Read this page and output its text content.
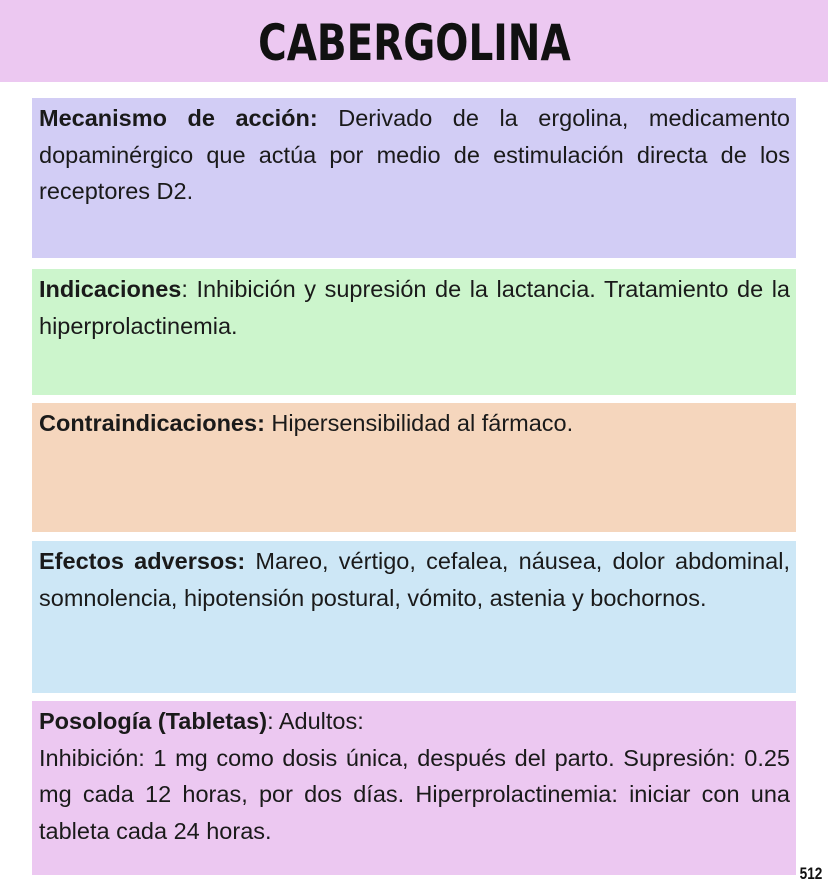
CABERGOLINA
Mecanismo de acción: Derivado de la ergolina, medicamento dopaminérgico que actúa por medio de estimulación directa de los receptores D2.
Indicaciones: Inhibición y supresión de la lactancia. Tratamiento de la hiperprolactinemia.
Contraindicaciones: Hipersensibilidad al fármaco.
Efectos adversos: Mareo, vértigo, cefalea, náusea, dolor abdominal, somnolencia, hipotensión postural, vómito, astenia y bochornos.
Posología (Tabletas): Adultos:
Inhibición: 1 mg como dosis única, después del parto. Supresión: 0.25 mg cada 12 horas, por dos días. Hiperprolactinemia: iniciar con una tableta cada 24 horas.
512
